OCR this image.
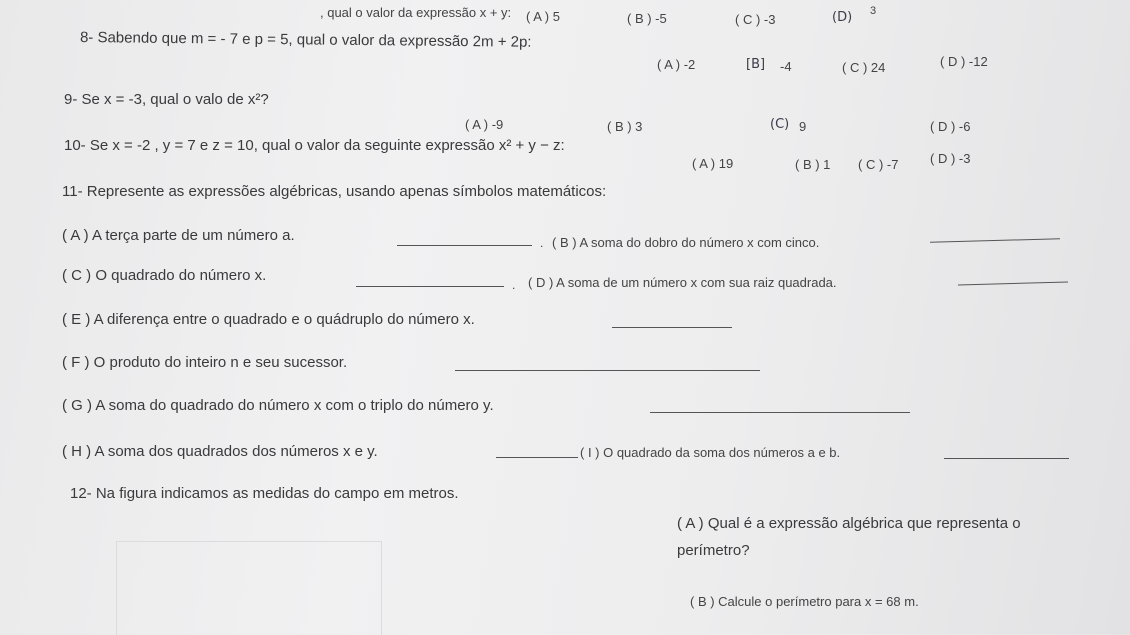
, qual o valor da expressão x + y: ( A ) 5	( B ) -5	( C ) -3	(D) 3
8- Sabendo que m = - 7 e p = 5, qual o valor da expressão 2m + 2p:
( A ) -2	[B] -4	( C ) 24	( D ) -12
9- Se x = -3, qual o valo de x²?
( A ) -9	( B ) 3	(C) 9	( D ) -6
10- Se x = -2 , y = 7 e z = 10, qual o valor da seguinte expressão x² + y − z:
( A ) 19	( B ) 1 ( C ) -7 ( D ) -3
11- Represente as expressões algébricas, usando apenas símbolos matemáticos:
( A ) A terça parte de um número a.	. ( B ) A soma do dobro do número x com cinco.
( C ) O quadrado do número x.
. ( D ) A soma de um número x com sua raiz quadrada.
( E ) A diferença entre o quadrado e o quádruplo do número x.
( F ) O produto do inteiro n e seu sucessor.
( G ) A soma do quadrado do número x com o triplo do número y.
( H ) A soma dos quadrados dos números x e y.	( I ) O quadrado da soma dos números a e b.
12- Na figura indicamos as medidas do campo em metros.
( A ) Qual é a expressão algébrica que representa o
perímetro?
( B ) Calcule o perímetro para x = 68 m.
